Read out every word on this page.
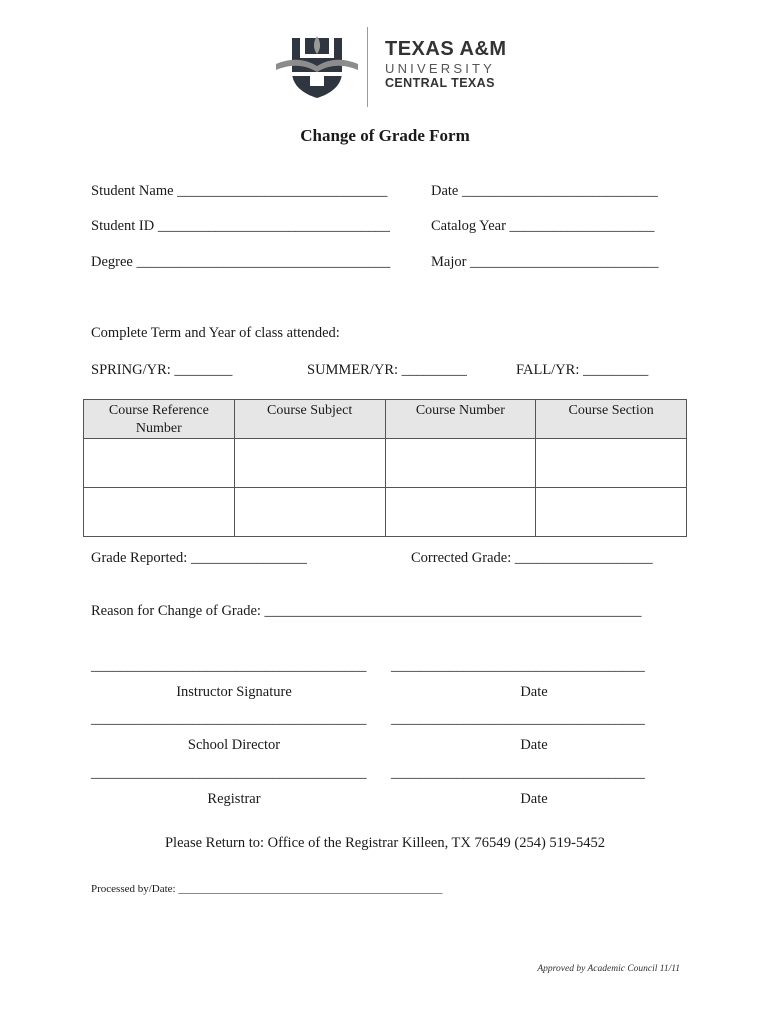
TEXAS A&M
UNIVERSITY
CENTRAL TEXAS
Change of Grade Form
Student Name _____________________________	Date ___________________________
Student ID ________________________________	Catalog Year ____________________
Degree ___________________________________	Major __________________________
Complete Term and Year of class attended:
SPRING/YR: ________	SUMMER/YR: _________	FALL/YR: _________
Course Reference Number	Course Subject	Course Number	Course Section

Grade Reported: ________________	Corrected Grade: ___________________
Reason for Change of Grade: ____________________________________________________
______________________________________ ___________________________________
Instructor Signature	Date
______________________________________ ___________________________________
School Director	Date
______________________________________ ___________________________________
Registrar	Date
Please Return to: Office of the Registrar Killeen, TX 76549 (254) 519-5452
Processed by/Date: ________________________________________________
Approved by Academic Council 11/11
